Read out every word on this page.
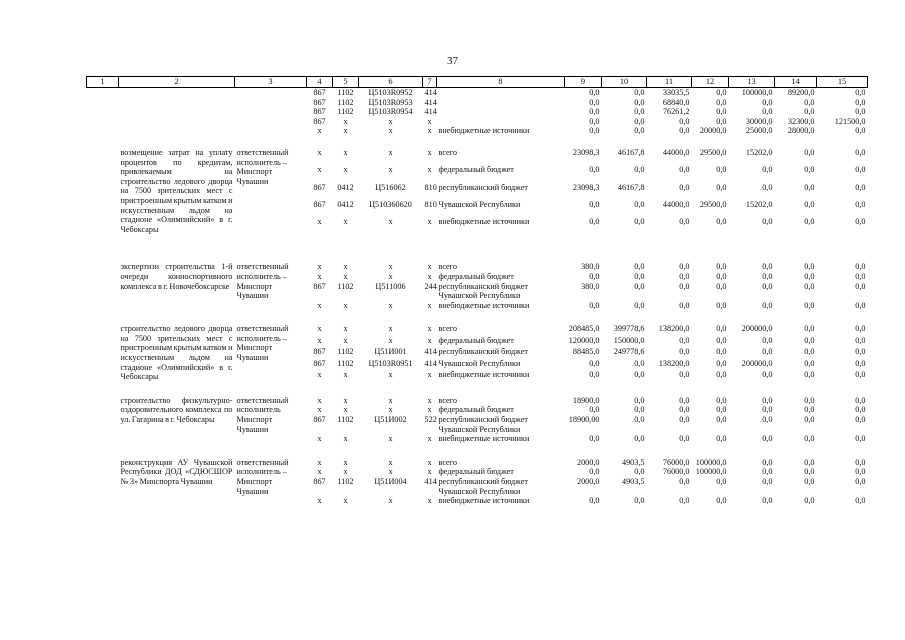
37
1	2	3	4	5	6	7	8	9	10	11	12	13	14	15
			867	1102	Ц5103R0952	414		0,0	0,0	33035,5	0,0	100000,0	89200,0	0,0
			867	1102	Ц5103R0953	414		0,0	0,0	68840,0	0,0	0,0	0,0	0,0
			867	1102	Ц5103R0954	414		0,0	0,0	76261,2	0,0	0,0	0,0	0,0
			867	x	x	x		0,0	0,0	0,0	0,0	30000,0	32300,0	121500,0
			x	x	x	x	внебюджетные источники	0,0	0,0	0,0	20000,0	25000,0	28000,0	0,0

	возмещение затрат на уплату процентов по кредитам, привлекаемым на строительство ледового дворца на 7500 зрительских мест с пристроенным крытым катком и искусственным льдом на стадионе «Олимпийский» в г. Чебоксары	ответственный исполнитель – Минспорт Чувашии	x	x	x	x	всего	23098,3	46167,8	44000,0	29500,0	15202,0	0,0	0,0
			x	x	x	x	федеральный бюджет	0,0	0,0	0,0	0,0	0,0	0,0	0,0
			867	0412	Ц516062	810	республиканский бюджет	23098,3	46167,8	0,0	0,0	0,0	0,0	0,0
			867	0412	Ц510360620	810	Чувашской Республики	0,0	0,0	44000,0	29500,0	15202,0	0,0	0,0
			x	x	x	x	внебюджетные источники	0,0	0,0	0,0	0,0	0,0	0,0	0,0

	экспертизи строительства 1-й очереди конноспортивного комплекса в г. Новочебоксарске	ответственный исполнитель – Минспорт Чувашии	x	x	x	x	всего	380,0	0,0	0,0	0,0	0,0	0,0	0,0
			x	x	x	x	федеральный бюджет	0,0	0,0	0,0	0,0	0,0	0,0	0,0
			867	1102	Ц511006	244	республиканский бюджет Чувашской Республики	380,0	0,0	0,0	0,0	0,0	0,0	0,0
			x	x	x	x	внебюджетные источники	0,0	0,0	0,0	0,0	0,0	0,0	0,0

	строительство ледового дворца на 7500 зрительских мест с пристроенным крытым катком и искусственным льдом на стадионе «Олимпийский» в г. Чебоксары	ответственный исполнитель – Минспорт Чувашии	x	x	x	x	всего	208485,0	399778,6	138200,0	0,0	200000,0	0,0	0,0
			x	x	x	x	федеральный бюджет	120000,0	150000,0	0,0	0,0	0,0	0,0	0,0
			867	1102	Ц51И001	414	республиканский бюджет	88485,0	249778,6	0,0	0,0	0,0	0,0	0,0
			867	1102	Ц5103R0951	414	Чувашской Республики	0,0	0,0	138200,0	0,0	200000,0	0,0	0,0
			x	x	x	x	внебюджетные источники	0,0	0,0	0,0	0,0	0,0	0,0	0,0

	строительство физкультурно-оздоровительного комплекса по ул. Гагарина в г. Чебоксары	ответственный исполнитель Минспорт Чувашии	x	x	x	x	всего	18900,0	0,0	0,0	0,0	0,0	0,0	0,0
			x	x	x	x	федеральный бюджет	0,0	0,0	0,0	0,0	0,0	0,0	0,0
			867	1102	Ц51И002	522	республиканский бюджет Чувашской Республики	18900,00	0,0	0,0	0,0	0,0	0,0	0,0
			x	x	x	x	внебюджетные источники	0,0	0,0	0,0	0,0	0,0	0,0	0,0

	реконструкция АУ Чувашской Республики ДОД «СДЮСШОР № 3» Минспорта Чувашии	ответственный исполнитель – Минспорт Чувашии	x	x	x	x	всего	2000,0	4903,5	76000,0	100000,0	0,0	0,0	0,0
			x	x	x	x	федеральный бюджет	0,0	0,0	76000,0	100000,0	0,0	0,0	0,0
			867	1102	Ц51И004	414	республиканский бюджет Чувашской Республики	2000,0	4903,5	0,0	0,0	0,0	0,0	0,0
			x	x	x	x	внебюджетные источники	0,0	0,0	0,0	0,0	0,0	0,0	0,0
